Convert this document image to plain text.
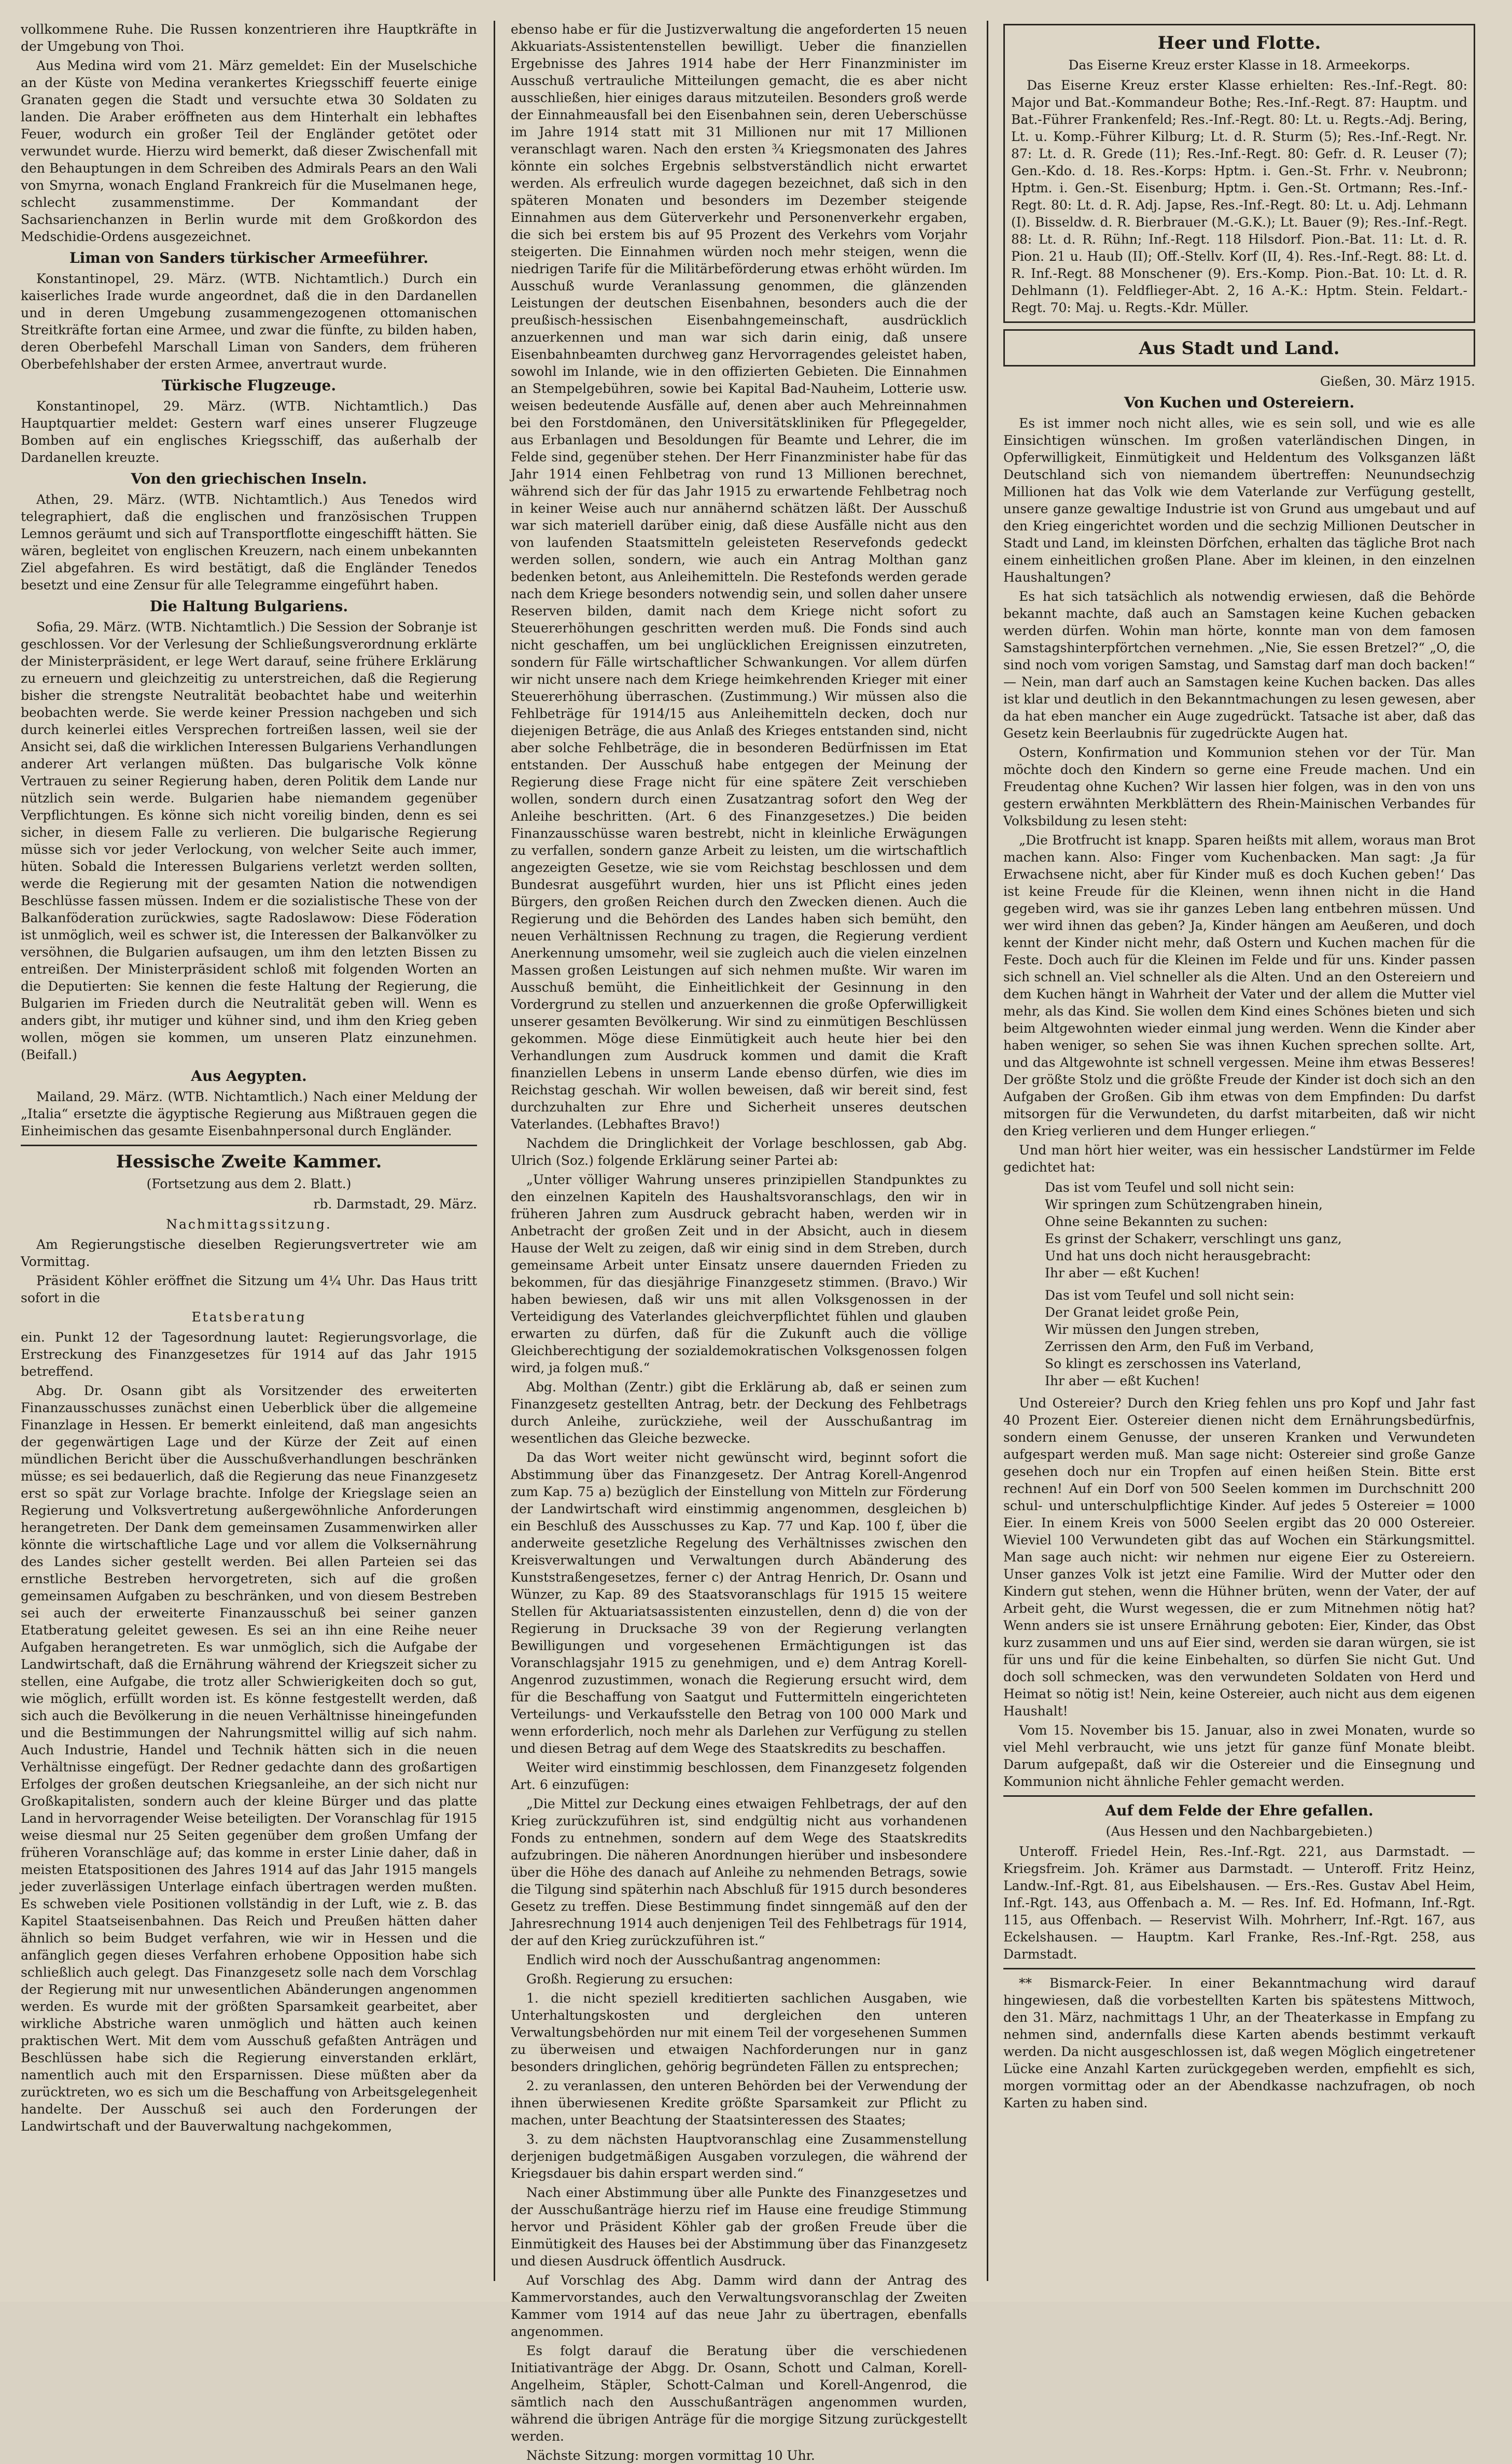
vollkommene Ruhe. Die Russen konzentrieren ihre Hauptkräfte in der Umgebung von Thoi.

Aus Medina wird vom 21. März gemeldet: Ein der Muselschiche an der Küste von Medina verankertes Kriegsschiff feuerte einige Granaten gegen die Stadt und versuchte etwa 30 Soldaten zu landen. Die Araber eröffneten aus dem Hinterhalt ein lebhaftes Feuer, wodurch ein großer Teil der Engländer getötet oder verwundet wurde. Hierzu wird bemerkt, daß dieser Zwischenfall mit den Behauptungen in dem Schreiben des Admirals Pears an den Wali von Smyrna, wonach England Frankreich für die Muselmanen hege, schlecht zusammenstimme. Der Kommandant der Sachsarienchanzen in Berlin wurde mit dem Großkordon des Medschidie-Ordens ausgezeichnet.

Liman von Sanders türkischer Armeeführer.

Konstantinopel, 29. März. (WTB. Nichtamtlich.) Durch ein kaiserliches Irade wurde angeordnet, daß die in den Dardanellen und in deren Umgebung zusammengezogenen ottomanischen Streitkräfte fortan eine Armee, und zwar die fünfte, zu bilden haben, deren Oberbefehl Marschall Liman von Sanders, dem früheren Oberbefehlshaber der ersten Armee, anvertraut wurde.

Türkische Flugzeuge.

Konstantinopel, 29. März. (WTB. Nichtamtlich.) Das Hauptquartier meldet: Gestern warf eines unserer Flugzeuge Bomben auf ein englisches Kriegsschiff, das außerhalb der Dardanellen kreuzte.

Von den griechischen Inseln.

Athen, 29. März. (WTB. Nichtamtlich.) Aus Tenedos wird telegraphiert, daß die englischen und französischen Truppen Lemnos geräumt und sich auf Transportflotte eingeschifft hätten. Sie wären, begleitet von englischen Kreuzern, nach einem unbekannten Ziel abgefahren. Es wird bestätigt, daß die Engländer Tenedos besetzt und eine Zensur für alle Telegramme eingeführt haben.

Die Haltung Bulgariens.

Sofia, 29. März. (WTB. Nichtamtlich.) Die Session der Sobranje ist geschlossen. Vor der Verlesung der Schließungsverordnung erklärte der Ministerpräsident, er lege Wert darauf, seine frühere Erklärung zu erneuern und gleichzeitig zu unterstreichen, daß die Regierung bisher die strengste Neutralität beobachtet habe und weiterhin beobachten werde. Sie werde keiner Pression nachgeben und sich durch keinerlei eitles Versprechen fortreißen lassen, weil sie der Ansicht sei, daß die wirklichen Interessen Bulgariens Verhandlungen anderer Art verlangen müßten. Das bulgarische Volk könne Vertrauen zu seiner Regierung haben, deren Politik dem Lande nur nützlich sein werde. Bulgarien habe niemandem gegenüber Verpflichtungen. Es könne sich nicht voreilig binden, denn es sei sicher, in diesem Falle zu verlieren. Die bulgarische Regierung müsse sich vor jeder Verlockung, von welcher Seite auch immer, hüten. Sobald die Interessen Bulgariens verletzt werden sollten, werde die Regierung mit der gesamten Nation die notwendigen Beschlüsse fassen müssen. Indem er die sozialistische These von der Balkanföderation zurückwies, sagte Radoslawow: Diese Föderation ist unmöglich, weil es schwer ist, die Interessen der Balkanvölker zu versöhnen, die Bulgarien aufsaugen, um ihm den letzten Bissen zu entreißen. Der Ministerpräsident schloß mit folgenden Worten an die Deputierten: Sie kennen die feste Haltung der Regierung, die Bulgarien im Frieden durch die Neutralität geben will. Wenn es anders gibt, ihr mutiger und kühner sind, und ihm den Krieg geben wollen, mögen sie kommen, um unseren Platz einzunehmen. (Beifall.)

Aus Aegypten.

Mailand, 29. März. (WTB. Nichtamtlich.) Nach einer Meldung der „Italia“ ersetzte die ägyptische Regierung aus Mißtrauen gegen die Einheimischen das gesamte Eisenbahnpersonal durch Engländer.

Hessische Zweite Kammer.

(Fortsetzung aus dem 2. Blatt.)

rb. Darmstadt, 29. März.

Nachmittagssitzung.

Am Regierungstische dieselben Regierungsvertreter wie am Vormittag.

Präsident Köhler eröffnet die Sitzung um 4¼ Uhr. Das Haus tritt sofort in die

Etatsberatung

ein. Punkt 12 der Tagesordnung lautet: Regierungsvorlage, die Erstreckung des Finanzgesetzes für 1914 auf das Jahr 1915 betreffend.

Abg. Dr. Osann gibt als Vorsitzender des erweiterten Finanzausschusses zunächst einen Ueberblick über die allgemeine Finanzlage in Hessen. Er bemerkt einleitend, daß man angesichts der gegenwärtigen Lage und der Kürze der Zeit auf einen mündlichen Bericht über die Ausschußverhandlungen beschränken müsse; es sei bedauerlich, daß die Regierung das neue Finanzgesetz erst so spät zur Vorlage brachte. Infolge der Kriegslage seien an Regierung und Volksvertretung außergewöhnliche Anforderungen herangetreten. Der Dank dem gemeinsamen Zusammenwirken aller könnte die wirtschaftliche Lage und vor allem die Volksernährung des Landes sicher gestellt werden. Bei allen Parteien sei das ernstliche Bestreben hervorgetreten, sich auf die großen gemeinsamen Aufgaben zu beschränken, und von diesem Bestreben sei auch der erweiterte Finanzausschuß bei seiner ganzen Etatberatung geleitet gewesen. Es sei an ihn eine Reihe neuer Aufgaben herangetreten. Es war unmöglich, sich die Aufgabe der Landwirtschaft, daß die Ernährung während der Kriegszeit sicher zu stellen, eine Aufgabe, die trotz aller Schwierigkeiten doch so gut, wie möglich, erfüllt worden ist. Es könne festgestellt werden, daß sich auch die Bevölkerung in die neuen Verhältnisse hineingefunden und die Bestimmungen der Nahrungsmittel willig auf sich nahm. Auch Industrie, Handel und Technik hätten sich in die neuen Verhältnisse eingefügt. Der Redner gedachte dann des großartigen Erfolges der großen deutschen Kriegsanleihe, an der sich nicht nur Großkapitalisten, sondern auch der kleine Bürger und das platte Land in hervorragender Weise beteiligten. Der Voranschlag für 1915 weise diesmal nur 25 Seiten gegenüber dem großen Umfang der früheren Voranschläge auf; das komme in erster Linie daher, daß in meisten Etatspositionen des Jahres 1914 auf das Jahr 1915 mangels jeder zuverlässigen Unterlage einfach übertragen werden mußten. Es schweben viele Positionen vollständig in der Luft, wie z. B. das Kapitel Staatseisenbahnen. Das Reich und Preußen hätten daher ähnlich so beim Budget verfahren, wie wir in Hessen und die anfänglich gegen dieses Verfahren erhobene Opposition habe sich schließlich auch gelegt. Das Finanzgesetz solle nach dem Vorschlag der Regierung mit nur unwesentlichen Abänderungen angenommen werden. Es wurde mit der größten Sparsamkeit gearbeitet, aber wirkliche Abstriche waren unmöglich und hätten auch keinen praktischen Wert. Mit dem vom Ausschuß gefaßten Anträgen und Beschlüssen habe sich die Regierung einverstanden erklärt, namentlich auch mit den Ersparnissen. Diese müßten aber da zurücktreten, wo es sich um die Beschaffung von Arbeitsgelegenheit handelte. Der Ausschuß sei auch den Forderungen der Landwirtschaft und der Bauverwaltung nachgekommen,

ebenso habe er für die Justizverwaltung die angeforderten 15 neuen Akkuariats-Assistentenstellen bewilligt. Ueber die finanziellen Ergebnisse des Jahres 1914 habe der Herr Finanzminister im Ausschuß vertrauliche Mitteilungen gemacht, die es aber nicht ausschließen, hier einiges daraus mitzuteilen. Besonders groß werde der Einnahmeausfall bei den Eisenbahnen sein, deren Ueberschüsse im Jahre 1914 statt mit 31 Millionen nur mit 17 Millionen veranschlagt waren. Nach den ersten ¾ Kriegsmonaten des Jahres könnte ein solches Ergebnis selbstverständlich nicht erwartet werden. Als erfreulich wurde dagegen bezeichnet, daß sich in den späteren Monaten und besonders im Dezember steigende Einnahmen aus dem Güterverkehr und Personenverkehr ergaben, die sich bei erstem bis auf 95 Prozent des Verkehrs vom Vorjahr steigerten. Die Einnahmen würden noch mehr steigen, wenn die niedrigen Tarife für die Militärbeförderung etwas erhöht würden. Im Ausschuß wurde Veranlassung genommen, die glänzenden Leistungen der deutschen Eisenbahnen, besonders auch die der preußisch-hessischen Eisenbahngemeinschaft, ausdrücklich anzuerkennen und man war sich darin einig, daß unsere Eisenbahnbeamten durchweg ganz Hervorragendes geleistet haben, sowohl im Inlande, wie in den offizierten Gebieten. Die Einnahmen an Stempelgebühren, sowie bei Kapital Bad-Nauheim, Lotterie usw. weisen bedeutende Ausfälle auf, denen aber auch Mehreinnahmen bei den Forstdomänen, den Universitätskliniken für Pflegegelder, aus Erbanlagen und Besoldungen für Beamte und Lehrer, die im Felde sind, gegenüber stehen. Der Herr Finanzminister habe für das Jahr 1914 einen Fehlbetrag von rund 13 Millionen berechnet, während sich der für das Jahr 1915 zu erwartende Fehlbetrag noch in keiner Weise auch nur annähernd schätzen läßt. Der Ausschuß war sich materiell darüber einig, daß diese Ausfälle nicht aus den von laufenden Staatsmitteln geleisteten Reservefonds gedeckt werden sollen, sondern, wie auch ein Antrag Molthan ganz bedenken betont, aus Anleihemitteln. Die Restefonds werden gerade nach dem Kriege besonders notwendig sein, und sollen daher unsere Reserven bilden, damit nach dem Kriege nicht sofort zu Steuererhöhungen geschritten werden muß. Die Fonds sind auch nicht geschaffen, um bei unglücklichen Ereignissen einzutreten, sondern für Fälle wirtschaftlicher Schwankungen. Vor allem dürfen wir nicht unsere nach dem Kriege heimkehrenden Krieger mit einer Steuererhöhung überraschen. (Zustimmung.) Wir müssen also die Fehlbeträge für 1914/15 aus Anleihemitteln decken, doch nur diejenigen Beträge, die aus Anlaß des Krieges entstanden sind, nicht aber solche Fehlbeträge, die in besonderen Bedürfnissen im Etat entstanden. Der Ausschuß habe entgegen der Meinung der Regierung diese Frage nicht für eine spätere Zeit verschieben wollen, sondern durch einen Zusatzantrag sofort den Weg der Anleihe beschritten. (Art. 6 des Finanzgesetzes.) Die beiden Finanzausschüsse waren bestrebt, nicht in kleinliche Erwägungen zu verfallen, sondern ganze Arbeit zu leisten, um die wirtschaftlich angezeigten Gesetze, wie sie vom Reichstag beschlossen und dem Bundesrat ausgeführt wurden, hier uns ist Pflicht eines jeden Bürgers, den großen Reichen durch den Zwecken dienen. Auch die Regierung und die Behörden des Landes haben sich bemüht, den neuen Verhältnissen Rechnung zu tragen, die Regierung verdient Anerkennung umsomehr, weil sie zugleich auch die vielen einzelnen Massen großen Leistungen auf sich nehmen mußte. Wir waren im Ausschuß bemüht, die Einheitlichkeit der Gesinnung in den Vordergrund zu stellen und anzuerkennen die große Opferwilligkeit unserer gesamten Bevölkerung. Wir sind zu einmütigen Beschlüssen gekommen. Möge diese Einmütigkeit auch heute hier bei den Verhandlungen zum Ausdruck kommen und damit die Kraft finanziellen Lebens in unserm Lande ebenso dürfen, wie dies im Reichstag geschah. Wir wollen beweisen, daß wir bereit sind, fest durchzuhalten zur Ehre und Sicherheit unseres deutschen Vaterlandes. (Lebhaftes Bravo!)

Nachdem die Dringlichkeit der Vorlage beschlossen, gab Abg. Ulrich (Soz.) folgende Erklärung seiner Partei ab:

„Unter völliger Wahrung unseres prinzipiellen Standpunktes zu den einzelnen Kapiteln des Haushaltsvoranschlags, den wir in früheren Jahren zum Ausdruck gebracht haben, werden wir in Anbetracht der großen Zeit und in der Absicht, auch in diesem Hause der Welt zu zeigen, daß wir einig sind in dem Streben, durch gemeinsame Arbeit unter Einsatz unsere dauernden Frieden zu bekommen, für das diesjährige Finanzgesetz stimmen. (Bravo.) Wir haben bewiesen, daß wir uns mit allen Volksgenossen in der Verteidigung des Vaterlandes gleichverpflichtet fühlen und glauben erwarten zu dürfen, daß für die Zukunft auch die völlige Gleichberechtigung der sozialdemokratischen Volksgenossen folgen wird, ja folgen muß.“

Abg. Molthan (Zentr.) gibt die Erklärung ab, daß er seinen zum Finanzgesetz gestellten Antrag, betr. der Deckung des Fehlbetrags durch Anleihe, zurückziehe, weil der Ausschußantrag im wesentlichen das Gleiche bezwecke.

Da das Wort weiter nicht gewünscht wird, beginnt sofort die Abstimmung über das Finanzgesetz. Der Antrag Korell-Angenrod zum Kap. 75 a) bezüglich der Einstellung von Mitteln zur Förderung der Landwirtschaft wird einstimmig angenommen, desgleichen b) ein Beschluß des Ausschusses zu Kap. 77 und Kap. 100 f, über die anderweite gesetzliche Regelung des Verhältnisses zwischen den Kreisverwaltungen und Verwaltungen durch Abänderung des Kunststraßengesetzes, ferner c) der Antrag Henrich, Dr. Osann und Wünzer, zu Kap. 89 des Staatsvoranschlags für 1915 15 weitere Stellen für Aktuariatsassistenten einzustellen, denn d) die von der Regierung in Drucksache 39 von der Regierung verlangten Bewilligungen und vorgesehenen Ermächtigungen ist das Voranschlagsjahr 1915 zu genehmigen, und e) dem Antrag Korell-Angenrod zuzustimmen, wonach die Regierung ersucht wird, dem für die Beschaffung von Saatgut und Futtermitteln eingerichteten Verteilungs- und Verkaufsstelle den Betrag von 100 000 Mark und wenn erforderlich, noch mehr als Darlehen zur Verfügung zu stellen und diesen Betrag auf dem Wege des Staatskredits zu beschaffen.

Weiter wird einstimmig beschlossen, dem Finanzgesetz folgenden Art. 6 einzufügen:

„Die Mittel zur Deckung eines etwaigen Fehlbetrags, der auf den Krieg zurückzuführen ist, sind endgültig nicht aus vorhandenen Fonds zu entnehmen, sondern auf dem Wege des Staatskredits aufzubringen. Die näheren Anordnungen hierüber und insbesondere über die Höhe des danach auf Anleihe zu nehmenden Betrags, sowie die Tilgung sind späterhin nach Abschluß für 1915 durch besonderes Gesetz zu treffen. Diese Bestimmung findet sinngemäß auf den der Jahresrechnung 1914 auch denjenigen Teil des Fehlbetrags für 1914, der auf den Krieg zurückzuführen ist.“

Endlich wird noch der Ausschußantrag angenommen:

Großh. Regierung zu ersuchen:

1. die nicht speziell kreditierten sachlichen Ausgaben, wie Unterhaltungskosten und dergleichen den unteren Verwaltungsbehörden nur mit einem Teil der vorgesehenen Summen zu überweisen und etwaigen Nachforderungen nur in ganz besonders dringlichen, gehörig begründeten Fällen zu entsprechen;

2. zu veranlassen, den unteren Behörden bei der Verwendung der ihnen überwiesenen Kredite größte Sparsamkeit zur Pflicht zu machen, unter Beachtung der Staatsinteressen des Staates;

3. zu dem nächsten Hauptvoranschlag eine Zusammenstellung derjenigen budgetmäßigen Ausgaben vorzulegen, die während der Kriegsdauer bis dahin erspart werden sind.“

Nach einer Abstimmung über alle Punkte des Finanzgesetzes und der Ausschußanträge hierzu rief im Hause eine freudige Stimmung hervor und Präsident Köhler gab der großen Freude über die Einmütigkeit des Hauses bei der Abstimmung über das Finanzgesetz und diesen Ausdruck öffentlich Ausdruck.

Auf Vorschlag des Abg. Damm wird dann der Antrag des Kammervorstandes, auch den Verwaltungsvoranschlag der Zweiten Kammer vom 1914 auf das neue Jahr zu übertragen, ebenfalls angenommen.

Es folgt darauf die Beratung über die verschiedenen Initiativanträge der Abgg. Dr. Osann, Schott und Calman, Korell-Angelheim, Stäpler, Schott-Calman und Korell-Angenrod, die sämtlich nach den Ausschußanträgen angenommen wurden, während die übrigen Anträge für die morgige Sitzung zurückgestellt werden.

Nächste Sitzung: morgen vormittag 10 Uhr.

Heer und Flotte.

Das Eiserne Kreuz erster Klasse in 18. Armeekorps.

Das Eiserne Kreuz erster Klasse erhielten: Res.-Inf.-Regt. 80: Major und Bat.-Kommandeur Bothe; Res.-Inf.-Regt. 87: Hauptm. und Bat.-Führer Frankenfeld; Res.-Inf.-Regt. 80: Lt. u. Regts.-Adj. Bering, Lt. u. Komp.-Führer Kilburg; Lt. d. R. Sturm (5); Res.-Inf.-Regt. Nr. 87: Lt. d. R. Grede (11); Res.-Inf.-Regt. 80: Gefr. d. R. Leuser (7); Gen.-Kdo. d. 18. Res.-Korps: Hptm. i. Gen.-St. Frhr. v. Neubronn; Hptm. i. Gen.-St. Eisenburg; Hptm. i. Gen.-St. Ortmann; Res.-Inf.-Regt. 80: Lt. d. R. Adj. Japse, Res.-Inf.-Regt. 80: Lt. u. Adj. Lehmann (I). Bisseldw. d. R. Bierbrauer (M.-G.K.); Lt. Bauer (9); Res.-Inf.-Regt. 88: Lt. d. R. Rühn; Inf.-Regt. 118 Hilsdorf. Pion.-Bat. 11: Lt. d. R. Pion. 21 u. Haub (II); Off.-Stellv. Korf (II, 4). Res.-Inf.-Regt. 88: Lt. d. R. Inf.-Regt. 88 Monschener (9). Ers.-Komp. Pion.-Bat. 10: Lt. d. R. Dehlmann (1). Feldflieger-Abt. 2, 16 A.-K.: Hptm. Stein. Feldart.-Regt. 70: Maj. u. Regts.-Kdr. Müller.

Aus Stadt und Land.

Gießen, 30. März 1915.

Von Kuchen und Ostereiern.

Es ist immer noch nicht alles, wie es sein soll, und wie es alle Einsichtigen wünschen. Im großen vaterländischen Dingen, in Opferwilligkeit, Einmütigkeit und Heldentum des Volksganzen läßt Deutschland sich von niemandem übertreffen: Neunundsechzig Millionen hat das Volk wie dem Vaterlande zur Verfügung gestellt, unsere ganze gewaltige Industrie ist von Grund aus umgebaut und auf den Krieg eingerichtet worden und die sechzig Millionen Deutscher in Stadt und Land, im kleinsten Dörfchen, erhalten das tägliche Brot nach einem einheitlichen großen Plane. Aber im kleinen, in den einzelnen Haushaltungen?

Es hat sich tatsächlich als notwendig erwiesen, daß die Behörde bekannt machte, daß auch an Samstagen keine Kuchen gebacken werden dürfen. Wohin man hörte, konnte man von dem famosen Samstagshinterpförtchen vernehmen. „Nie, Sie essen Bretzel?“ „O, die sind noch vom vorigen Samstag, und Samstag darf man doch backen!“ — Nein, man darf auch an Samstagen keine Kuchen backen. Das alles ist klar und deutlich in den Bekanntmachungen zu lesen gewesen, aber da hat eben mancher ein Auge zugedrückt. Tatsache ist aber, daß das Gesetz kein Beerlaubnis für zugedrückte Augen hat.

Ostern, Konfirmation und Kommunion stehen vor der Tür. Man möchte doch den Kindern so gerne eine Freude machen. Und ein Freudentag ohne Kuchen? Wir lassen hier folgen, was in den von uns gestern erwähnten Merkblättern des Rhein-Mainischen Verbandes für Volksbildung zu lesen steht:

„Die Brotfrucht ist knapp. Sparen heißts mit allem, woraus man Brot machen kann. Also: Finger vom Kuchenbacken. Man sagt: ‚Ja für Erwachsene nicht, aber für Kinder muß es doch Kuchen geben!‘ Das ist keine Freude für die Kleinen, wenn ihnen nicht in die Hand gegeben wird, was sie ihr ganzes Leben lang entbehren müssen. Und wer wird ihnen das geben? Ja, Kinder hängen am Aeußeren, und doch kennt der Kinder nicht mehr, daß Ostern und Kuchen machen für die Feste. Doch auch für die Kleinen im Felde und für uns. Kinder passen sich schnell an. Viel schneller als die Alten. Und an den Ostereiern und dem Kuchen hängt in Wahrheit der Vater und der allem die Mutter viel mehr, als das Kind. Sie wollen dem Kind eines Schönes bieten und sich beim Altgewohnten wieder einmal jung werden. Wenn die Kinder aber haben weniger, so sehen Sie was ihnen Kuchen sprechen sollte. Art, und das Altgewohnte ist schnell vergessen. Meine ihm etwas Besseres! Der größte Stolz und die größte Freude der Kinder ist doch sich an den Aufgaben der Großen. Gib ihm etwas von dem Empfinden: Du darfst mitsorgen für die Verwundeten, du darfst mitarbeiten, daß wir nicht den Krieg verlieren und dem Hunger erliegen.“

Und man hört hier weiter, was ein hessischer Landstürmer im Felde gedichtet hat:

Das ist vom Teufel und soll nicht sein:

Wir springen zum Schützengraben hinein,

Ohne seine Bekannten zu suchen:

Es grinst der Schakerr, verschlingt uns ganz,

Und hat uns doch nicht herausgebracht:

Ihr aber — eßt Kuchen!

Das ist vom Teufel und soll nicht sein:

Der Granat leidet große Pein,

Wir müssen den Jungen streben,

Zerrissen den Arm, den Fuß im Verband,

So klingt es zerschossen ins Vaterland,

Ihr aber — eßt Kuchen!

Und Ostereier? Durch den Krieg fehlen uns pro Kopf und Jahr fast 40 Prozent Eier. Ostereier dienen nicht dem Ernährungsbedürfnis, sondern einem Genusse, der unseren Kranken und Verwundeten aufgespart werden muß. Man sage nicht: Ostereier sind große Ganze gesehen doch nur ein Tropfen auf einen heißen Stein. Bitte erst rechnen! Auf ein Dorf von 500 Seelen kommen im Durchschnitt 200 schul- und unterschulpflichtige Kinder. Auf jedes 5 Ostereier = 1000 Eier. In einem Kreis von 5000 Seelen ergibt das 20 000 Ostereier. Wieviel 100 Verwundeten gibt das auf Wochen ein Stärkungsmittel. Man sage auch nicht: wir nehmen nur eigene Eier zu Ostereiern. Unser ganzes Volk ist jetzt eine Familie. Wird der Mutter oder den Kindern gut stehen, wenn die Hühner brüten, wenn der Vater, der auf Arbeit geht, die Wurst wegessen, die er zum Mitnehmen nötig hat? Wenn anders sie ist unsere Ernährung geboten: Eier, Kinder, das Obst kurz zusammen und uns auf Eier sind, werden sie daran würgen, sie ist für uns und für die keine Einbehalten, so dürfen Sie nicht Gut. Und doch soll schmecken, was den verwundeten Soldaten von Herd und Heimat so nötig ist! Nein, keine Ostereier, auch nicht aus dem eigenen Haushalt!

Vom 15. November bis 15. Januar, also in zwei Monaten, wurde so viel Mehl verbraucht, wie uns jetzt für ganze fünf Monate bleibt. Darum aufgepaßt, daß wir die Ostereier und die Einsegnung und Kommunion nicht ähnliche Fehler gemacht werden.

Auf dem Felde der Ehre gefallen.

(Aus Hessen und den Nachbargebieten.)

Unteroff. Friedel Hein, Res.-Inf.-Rgt. 221, aus Darmstadt. — Kriegsfreim. Joh. Krämer aus Darmstadt. — Unteroff. Fritz Heinz, Landw.-Inf.-Rgt. 81, aus Eibelshausen. — Ers.-Res. Gustav Abel Heim, Inf.-Rgt. 143, aus Offenbach a. M. — Res. Inf. Ed. Hofmann, Inf.-Rgt. 115, aus Offenbach. — Reservist Wilh. Mohrherr, Inf.-Rgt. 167, aus Eckelshausen. — Hauptm. Karl Franke, Res.-Inf.-Rgt. 258, aus Darmstadt.

** Bismarck-Feier. In einer Bekanntmachung wird darauf hingewiesen, daß die vorbestellten Karten bis spätestens Mittwoch, den 31. März, nachmittags 1 Uhr, an der Theaterkasse in Empfang zu nehmen sind, andernfalls diese Karten abends bestimmt verkauft werden. Da nicht ausgeschlossen ist, daß wegen Möglich eingetretener Lücke eine Anzahl Karten zurückgegeben werden, empfiehlt es sich, morgen vormittag oder an der Abendkasse nachzufragen, ob noch Karten zu haben sind.
